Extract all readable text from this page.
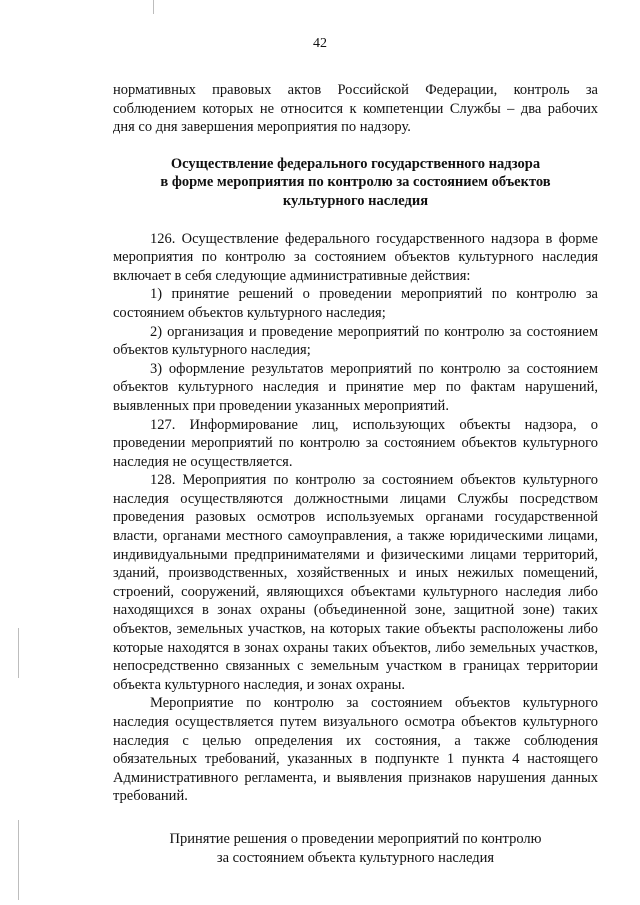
42

нормативных правовых актов Российской Федерации, контроль за соблюдением которых не относится к компетенции Службы – два рабочих дня со дня завершения мероприятия по надзору.

Осуществление федерального государственного надзора
в форме мероприятия по контролю за состоянием объектов
культурного наследия

126. Осуществление федерального государственного надзора в форме мероприятия по контролю за состоянием объектов культурного наследия включает в себя следующие административные действия:

1) принятие решений о проведении мероприятий по контролю за состоянием объектов культурного наследия;

2) организация и проведение мероприятий по контролю за состоянием объектов культурного наследия;

3) оформление результатов мероприятий по контролю за состоянием объектов культурного наследия и принятие мер по фактам нарушений, выявленных при проведении указанных мероприятий.

127. Информирование лиц, использующих объекты надзора, о проведении мероприятий по контролю за состоянием объектов культурного наследия не осуществляется.

128. Мероприятия по контролю за состоянием объектов культурного наследия осуществляются должностными лицами Службы посредством проведения разовых осмотров используемых органами государственной власти, органами местного самоуправления, а также юридическими лицами, индивидуальными предпринимателями и физическими лицами территорий, зданий, производственных, хозяйственных и иных нежилых помещений, строений, сооружений, являющихся объектами культурного наследия либо находящихся в зонах охраны (объединенной зоне, защитной зоне) таких объектов, земельных участков, на которых такие объекты расположены либо которые находятся в зонах охраны таких объектов, либо земельных участков, непосредственно связанных с земельным участком в границах территории объекта культурного наследия, и зонах охраны.

Мероприятие по контролю за состоянием объектов культурного наследия осуществляется путем визуального осмотра объектов культурного наследия с целью определения их состояния, а также соблюдения обязательных требований, указанных в подпункте 1 пункта 4 настоящего Административного регламента, и выявления признаков нарушения данных требований.

Принятие решения о проведении мероприятий по контролю
за состоянием объекта культурного наследия
